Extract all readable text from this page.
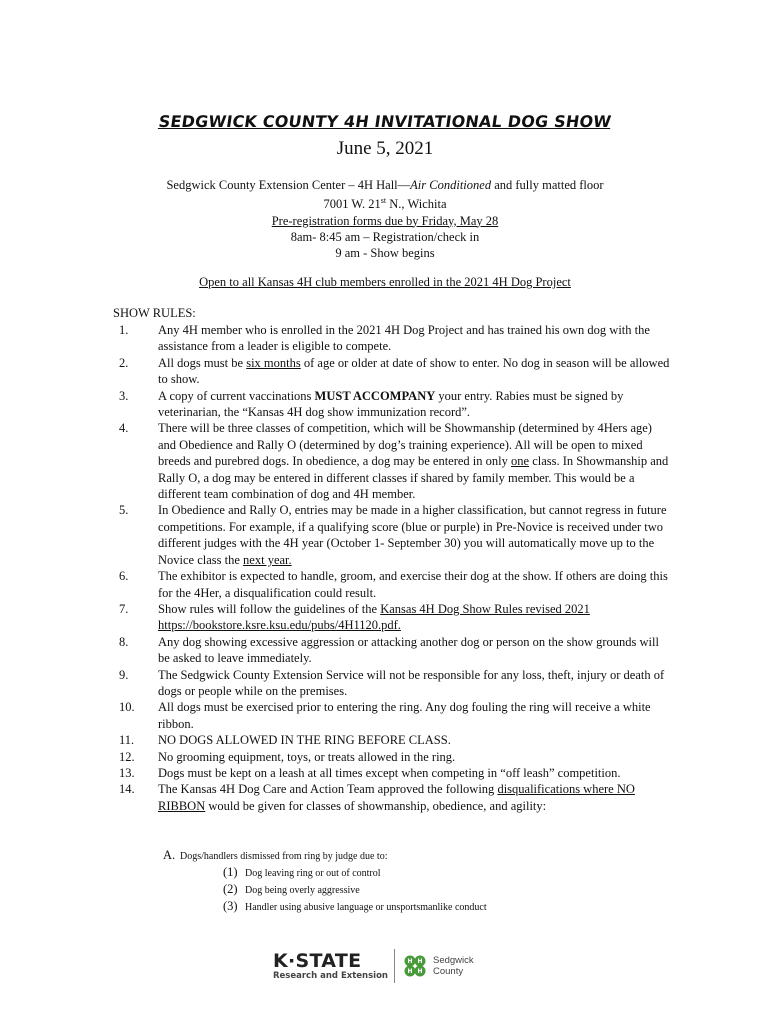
SEDGWICK COUNTY 4H INVITATIONAL DOG SHOW
June 5, 2021
Sedgwick County Extension Center – 4H Hall—Air Conditioned and fully matted floor
7001 W. 21st N., Wichita
Pre-registration forms due by Friday, May 28
8am- 8:45 am – Registration/check in
9 am - Show begins
Open to all Kansas 4H club members enrolled in the 2021 4H Dog Project
SHOW RULES:
1.	Any 4H member who is enrolled in the 2021 4H Dog Project and has trained his own dog with the assistance from a leader is eligible to compete.
2.	All dogs must be six months of age or older at date of show to enter. No dog in season will be allowed to show.
3.	A copy of current vaccinations MUST ACCOMPANY your entry. Rabies must be signed by veterinarian, the “Kansas 4H dog show immunization record”.
4.	There will be three classes of competition, which will be Showmanship (determined by 4Hers age) and Obedience and Rally O (determined by dog’s training experience). All will be open to mixed breeds and purebred dogs. In obedience, a dog may be entered in only one class. In Showmanship and Rally O, a dog may be entered in different classes if shared by family member. This would be a different team combination of dog and 4H member.
5.	In Obedience and Rally O, entries may be made in a higher classification, but cannot regress in future competitions. For example, if a qualifying score (blue or purple) in Pre-Novice is received under two different judges with the 4H year (October 1- September 30) you will automatically move up to the Novice class the next year.
6.	The exhibitor is expected to handle, groom, and exercise their dog at the show. If others are doing this for the 4Her, a disqualification could result.
7.	Show rules will follow the guidelines of the Kansas 4H Dog Show Rules revised 2021 https://bookstore.ksre.ksu.edu/pubs/4H1120.pdf.
8.	Any dog showing excessive aggression or attacking another dog or person on the show grounds will be asked to leave immediately.
9.	The Sedgwick County Extension Service will not be responsible for any loss, theft, injury or death of dogs or people while on the premises.
10.	All dogs must be exercised prior to entering the ring. Any dog fouling the ring will receive a white ribbon.
11.	NO DOGS ALLOWED IN THE RING BEFORE CLASS.
12.	No grooming equipment, toys, or treats allowed in the ring.
13.	Dogs must be kept on a leash at all times except when competing in “off leash” competition.
14.	The Kansas 4H Dog Care and Action Team approved the following disqualifications where NO RIBBON would be given for classes of showmanship, obedience, and agility:
A. Dogs/handlers dismissed from ring by judge due to:
(1) Dog leaving ring or out of control
(2) Dog being overly aggressive
(3) Handler using abusive language or unsportsmanlike conduct
K·STATE
Research and Extension
H H
H H
Sedgwick
County
